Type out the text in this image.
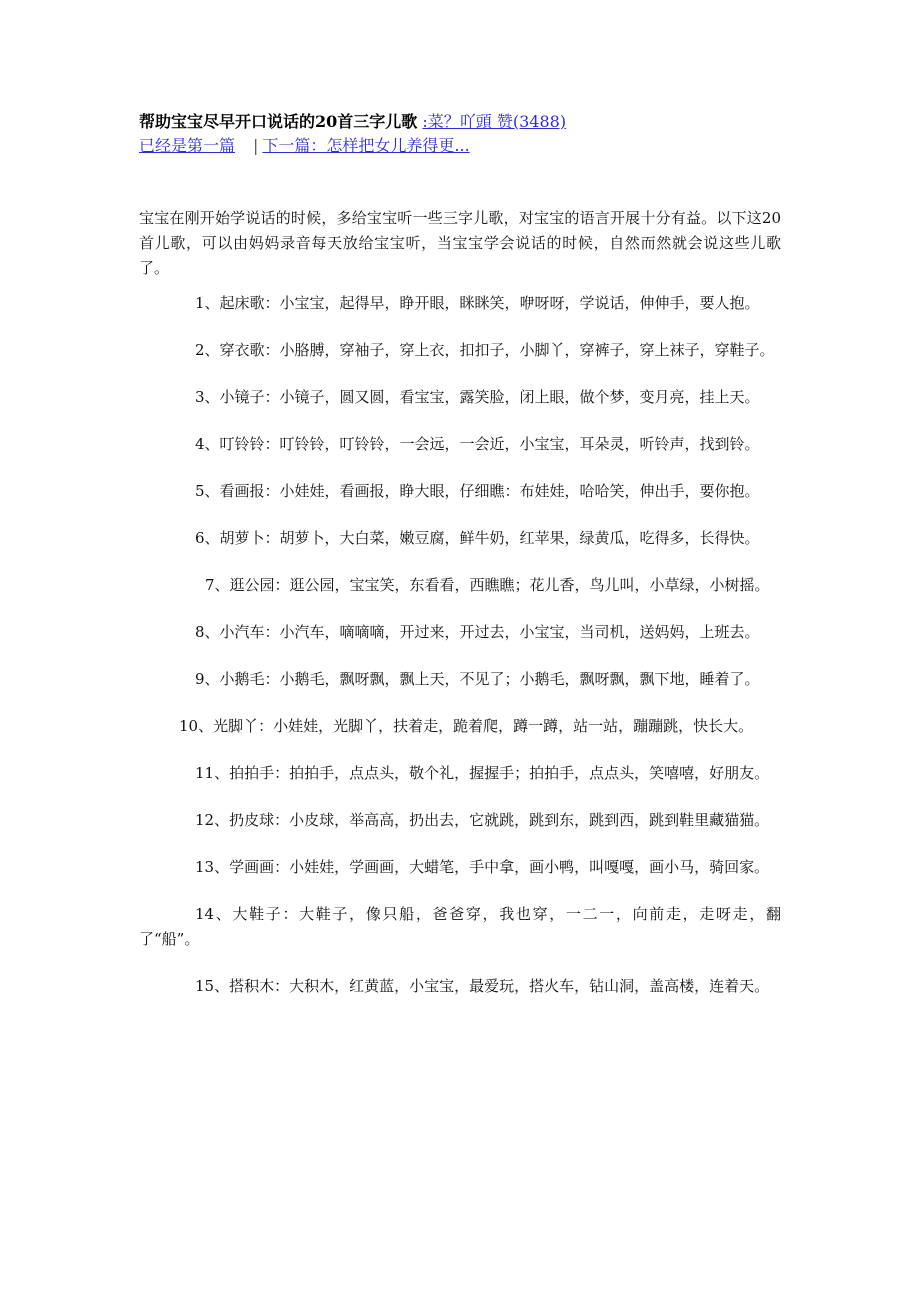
帮助宝宝尽早开口说话的20首三字儿歌 :菜？吖頭 赞(3488)
已经是第一篇 | 下一篇：怎样把女儿养得更...
宝宝在刚开始学说话的时候，多给宝宝听一些三字儿歌，对宝宝的语言开展十分有益。以下这20首儿歌，可以由妈妈录音每天放给宝宝听，当宝宝学会说话的时候，自然而然就会说这些儿歌了。
1、起床歌：小宝宝，起得早，睁开眼，眯眯笑，咿呀呀，学说话，伸伸手，要人抱。
2、穿衣歌：小胳膊，穿袖子，穿上衣，扣扣子，小脚丫，穿裤子，穿上袜子，穿鞋子。
3、小镜子：小镜子，圆又圆，看宝宝，露笑脸，闭上眼，做个梦，变月亮，挂上天。
4、叮铃铃：叮铃铃，叮铃铃，一会远，一会近，小宝宝，耳朵灵，听铃声，找到铃。
5、看画报：小娃娃，看画报，睁大眼，仔细瞧：布娃娃，哈哈笑，伸出手，要你抱。
6、胡萝卜：胡萝卜，大白菜，嫩豆腐，鲜牛奶，红苹果，绿黄瓜，吃得多，长得快。
7、逛公园：逛公园，宝宝笑，东看看，西瞧瞧；花儿香，鸟儿叫，小草绿，小树摇。
8、小汽车：小汽车，嘀嘀嘀，开过来，开过去，小宝宝，当司机，送妈妈，上班去。
9、小鹅毛：小鹅毛，飘呀飘，飘上天，不见了；小鹅毛，飘呀飘，飘下地，睡着了。
10、光脚丫：小娃娃，光脚丫，扶着走，跪着爬，蹲一蹲，站一站，蹦蹦跳，快长大。
11、拍拍手：拍拍手，点点头，敬个礼，握握手；拍拍手，点点头，笑嘻嘻，好朋友。
12、扔皮球：小皮球，举高高，扔出去，它就跳，跳到东，跳到西，跳到鞋里藏猫猫。
13、学画画：小娃娃，学画画，大蜡笔，手中拿，画小鸭，叫嘎嘎，画小马，骑回家。
14、大鞋子：大鞋子，像只船，爸爸穿，我也穿，一二一，向前走，走呀走，翻了“船”。
15、搭积木：大积木，红黄蓝，小宝宝，最爱玩，搭火车，钻山洞，盖高楼，连着天。
